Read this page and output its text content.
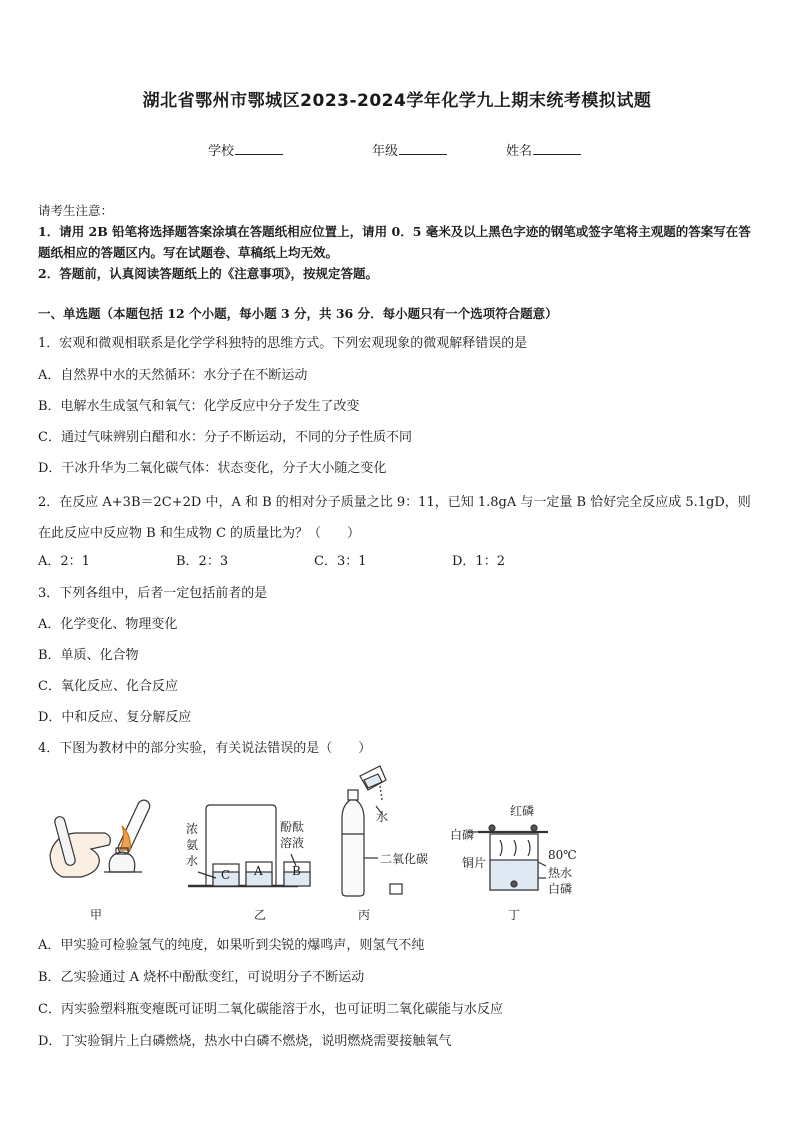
湖北省鄂州市鄂城区2023-2024学年化学九上期末统考模拟试题
学校	年级	姓名
请考生注意：
1．请用 2B 铅笔将选择题答案涂填在答题纸相应位置上，请用 0．5 毫米及以上黑色字迹的钢笔或签字笔将主观题的答案写在答题纸相应的答题区内。写在试题卷、草稿纸上均无效。
2．答题前，认真阅读答题纸上的《注意事项》，按规定答题。
一、单选题（本题包括 12 个小题，每小题 3 分，共 36 分．每小题只有一个选项符合题意）
1．宏观和微观相联系是化学学科独特的思维方式。下列宏观现象的微观解释错误的是
A．自然界中水的天然循环：水分子在不断运动
B．电解水生成氢气和氧气：化学反应中分子发生了改变
C．通过气味辨别白醋和水：分子不断运动，不同的分子性质不同
D．干冰升华为二氧化碳气体：状态变化，分子大小随之变化
2．在反应 A+3B＝2C+2D 中，A 和 B 的相对分子质量之比 9：11，已知 1.8gA 与一定量 B 恰好完全反应成 5.1gD，则在此反应中反应物 B 和生成物 C 的质量比为？（　　）
A．2：1	B．2：3	C．3：1	D．1：2
3．下列各组中，后者一定包括前者的是
A．化学变化、物理变化
B．单质、化合物
C．氧化反应、化合反应
D．中和反应、复分解反应
4．下图为教材中的部分实验，有关说法错误的是（　　）
甲	乙	丙	丁
浓
氨
水
酚酞
溶液
C A B
水
二氧化碳
红磷
白磷
铜片
80℃
热水
白磷
A．甲实验可检验氢气的纯度，如果听到尖锐的爆鸣声，则氢气不纯
B．乙实验通过 A 烧杯中酚酞变红，可说明分子不断运动
C．丙实验塑料瓶变瘪既可证明二氧化碳能溶于水，也可证明二氧化碳能与水反应
D．丁实验铜片上白磷燃烧，热水中白磷不燃烧，说明燃烧需要接触氧气
